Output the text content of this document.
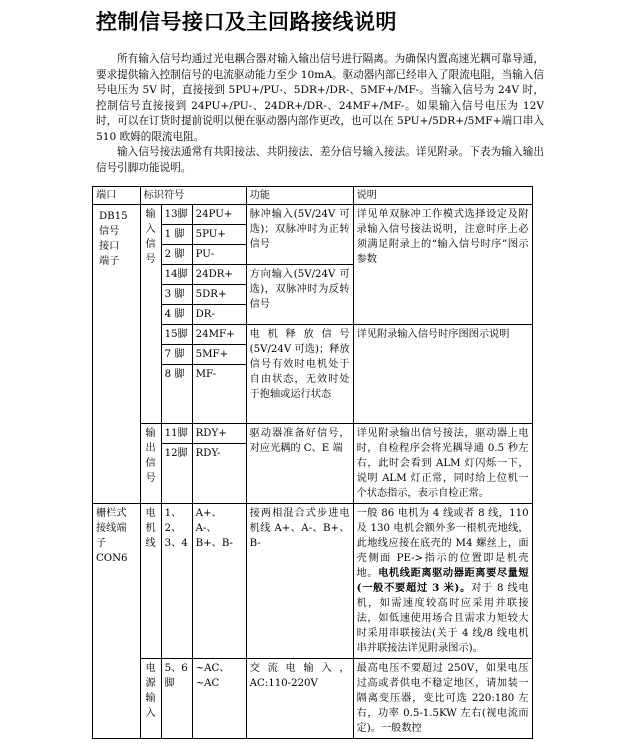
控制信号接口及主回路接线说明

所有输入信号均通过光电耦合器对输入输出信号进行隔离。为确保内置高速光耦可靠导通，要求提供输入控制信号的电流驱动能力至少 10mA。驱动器内部已经串入了限流电阻，当输入信号电压为 5V 时，直接接到 5PU+/PU-、5DR+/DR-、5MF+/MF-。当输入信号为 24V 时，控制信号直接接到 24PU+/PU-、24DR+/DR-、24MF+/MF-。如果输入信号电压为 12V 时，可以在订货时提前说明以便在驱动器内部作更改，也可以在 5PU+/5DR+/5MF+端口串入 510 欧姆的限流电阻。

输入信号接法通常有共阳接法、共阴接法、差分信号输入接法。详见附录。下表为输入输出信号引脚功能说明。

端口	标识符号			功能	说明
DB15信号接口端子	输入信号	13脚	24PU+	脉冲输入(5V/24V 可选)；双脉冲时为正转信号	详见单双脉冲工作模式选择设定及附录输入信号接法说明，注意时序上必须满足附录上的“输入信号时序”图示参数
		1 脚	5PU+		
		2 脚	PU-		
		14脚	24DR+	方向输入(5V/24V 可选)，双脉冲时为反转信号	
		3 脚	5DR+		
		4 脚	DR-		
		15脚	24MF+	电机释放信号(5V/24V 可选)；释放信号有效时电机处于自由状态，无效时处于抱轴或运行状态	详见附录输入信号时序图图示说明
		7 脚	5MF+		
		8 脚	MF-		
	输出信号	11脚	RDY+	驱动器准备好信号，对应光耦的 C、E 端	详见附录输出信号接法，驱动器上电时，自检程序会将光耦导通 0.5 秒左右，此时会看到 ALM 灯闪烁一下，说明 ALM 灯正常，同时给上位机一个状态指示，表示自检正常。
		12脚	RDY-		

栅栏式接线端子CON6	电机线	1、2、3、4	A+、A-、B+、B-	接两相混合式步进电机线 A+、A-、B+、B-	一般 86 电机为 4 线或者 8 线，110 及 130 电机会额外多一根机壳地线，此地线应接在底壳的 M4 螺丝上，面壳侧面 PE->指示的位置即是机壳地。电机线距离驱动器距离要尽量短(一般不要超过 3 米)。对于 8 线电机，如需速度较高时应采用并联接法，如低速使用场合且需求力矩较大时采用串联接法(关于 4 线/8 线电机串并联接法详见附录图示)。
	电源输入	5、6脚	~AC、~AC	交流电输入，AC:110-220V	最高电压不要超过 250V，如果电压过高或者供电不稳定地区，请加装一隔离变压器，变比可选 220:180 左右，功率 0.5-1.5KW 左右(视电流而定)。一般数控
